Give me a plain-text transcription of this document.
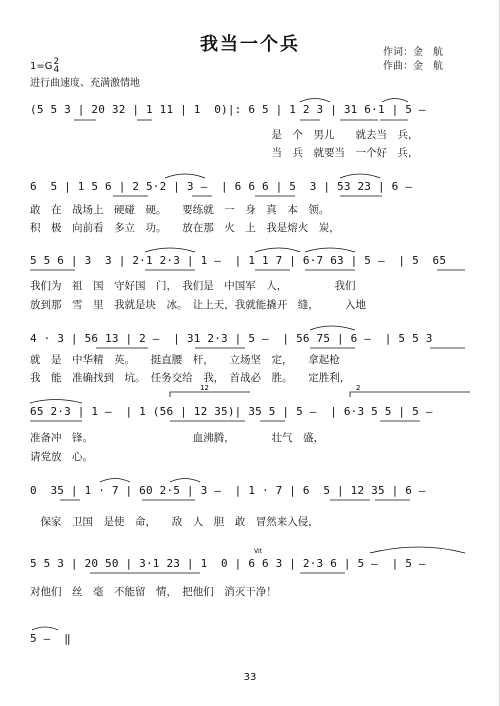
我当一个兵	作词：金　航
作曲：金　航
1=G2
4
进行曲速度、充满激情地
(5 5 3 | 20 32 | 1 11 | 1  0)|: 6 5 | 1 2 3 | 31 6·1 | 5 —
　　　　　　　　　　　　　　　　　　　　　　　是　个　男儿　　就去当　兵，
　　　　　　　　　　　　　　　　　　　　　　　当　兵　就要当　一个好　兵，
6  5 | 1 5 6 | 2 5·2 | 3 —  | 6 6 6 | 5  3 | 53 23 | 6 —
敢　在　战场上　硬碰　硬。　　要练就　一　身　真　本　领。
积　极　向前看　多立　功。　　放在那　火　上　我是熔火　炭，
5 5 6 | 3  3 | 2·1 2·3 | 1 —  | 1 1 7 | 6·7 63 | 5 —  | 5  65
我们为　祖　国　守好国　门，　我们是　中国军　人，　　　　　我们
放到那　雪　里　我就是块　冰。　让上天，我就能撬开　缝，　　　入地
4 · 3 | 56 13 | 2 —  | 31 2·3 | 5 —  | 56 75 | 6 —  | 5 5 3
就　是　中华精　英。　　挺直腰　杆，　　立场坚　定，　　拿起枪
我　能　准确找到　坑。　任务交给　我，　首战必　胜。　　定胜利，
65 2·3 | 1 —  | 1 (56 | 12 35)| 35 5 | 5 —  | 6·3 5 5 | 5 —
准备冲　锋。　　　　　　　　　　血沸腾，　　　　壮气　盛，
请党放　心。
0  35 | 1 · 7 | 60 2·5 | 3 —  | 1 · 7 | 6  5 | 12 35 | 6 —
　保家　卫国　是使　命，　　敌　人　胆　敢　冒然来入侵，
5 5 3 | 20 50 | 3·1 23 | 1  0 | 6 6 3 | 2·3 6 | 5 —  | 5 —
对他们　丝　毫　不能留　情，　把他们　消灭干净！
5 —  ‖
12	2
Vit
33
